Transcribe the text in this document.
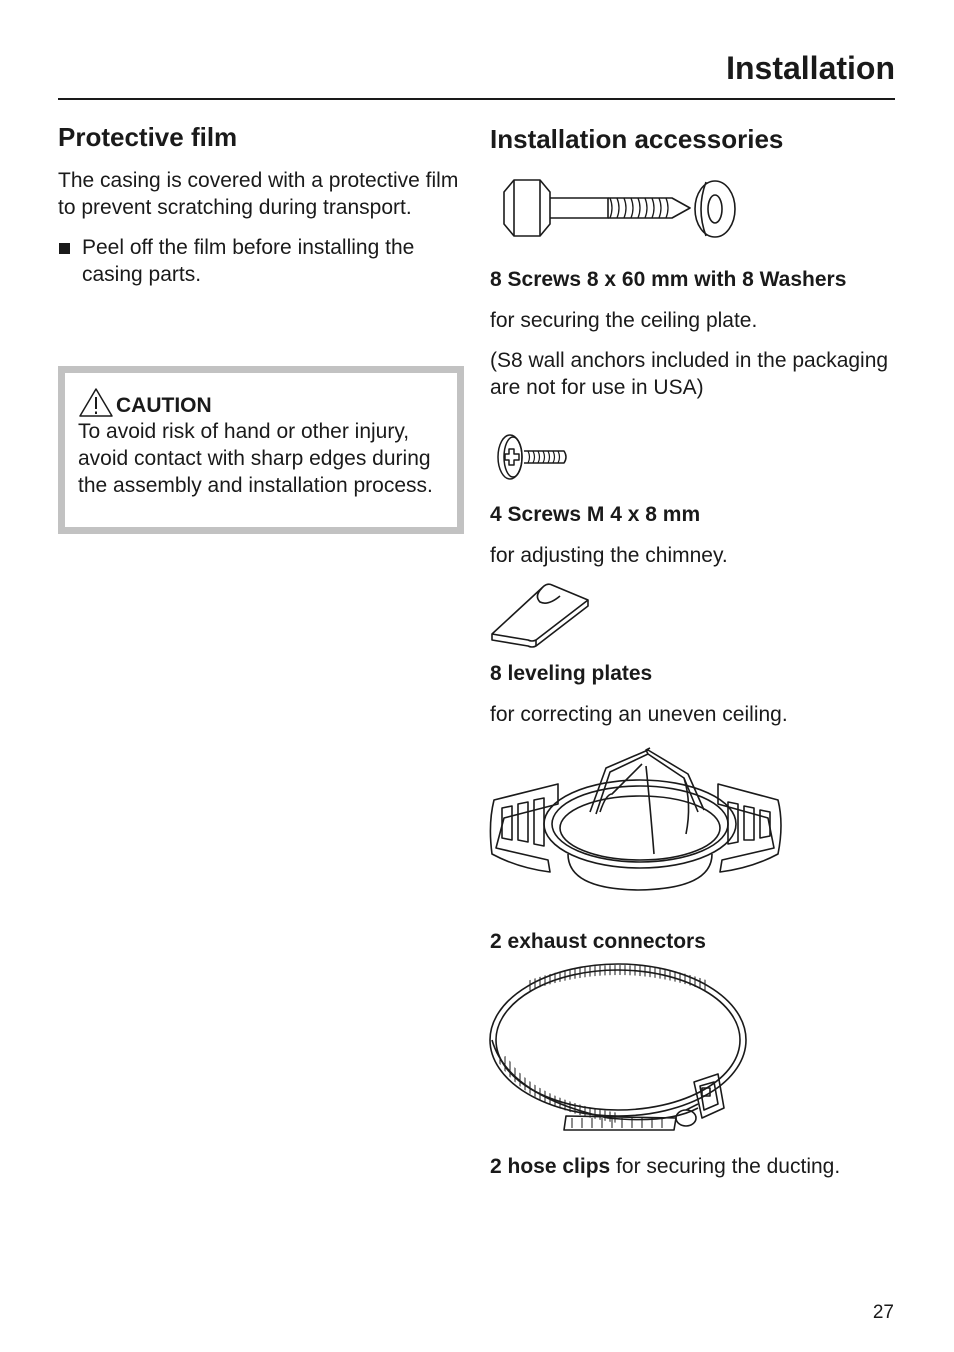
Installation
Protective film

The casing is covered with a protective film to prevent scratching during transport.

Peel off the film before installing the casing parts.
CAUTION
To avoid risk of hand or other injury, avoid contact with sharp edges during the assembly and installation process.
Installation accessories

8 Screws 8 x 60 mm with 8 Washers

for securing the ceiling plate.

(S8 wall anchors included in the packaging are not for use in USA)

4 Screws M 4 x 8 mm

for adjusting the chimney.

8 leveling plates

for correcting an uneven ceiling.

2 exhaust connectors

2 hose clips for securing the ducting.
27
